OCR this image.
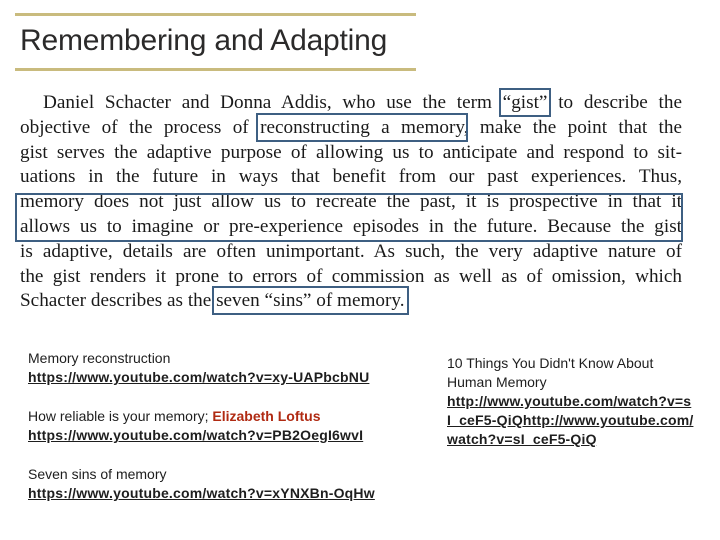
Remembering and Adapting
Daniel Schacter and Donna Addis, who use the term “gist” to describe the
objective of the process of reconstructing a memory, make the point that the
gist serves the adaptive purpose of allowing us to anticipate and respond to sit-
uations in the future in ways that benefit from our past experiences. Thus,
memory does not just allow us to recreate the past, it is prospective in that it
allows us to imagine or pre-experience episodes in the future. Because the gist
is adaptive, details are often unimportant. As such, the very adaptive nature of
the gist renders it prone to errors of commission as well as of omission, which
Schacter describes as the seven “sins” of memory.
Memory reconstruction
https://www.youtube.com/watch?v=xy-UAPbcbNU
How reliable is your memory; Elizabeth Loftus
https://www.youtube.com/watch?v=PB2OegI6wvI
Seven sins of memory
https://www.youtube.com/watch?v=xYNXBn-OqHw
10 Things You Didn't Know About Human Memory
http://www.youtube.com/watch?v=sI_ceF5-QiQhttp://www.youtube.com/watch?v=sI_ceF5-QiQ
